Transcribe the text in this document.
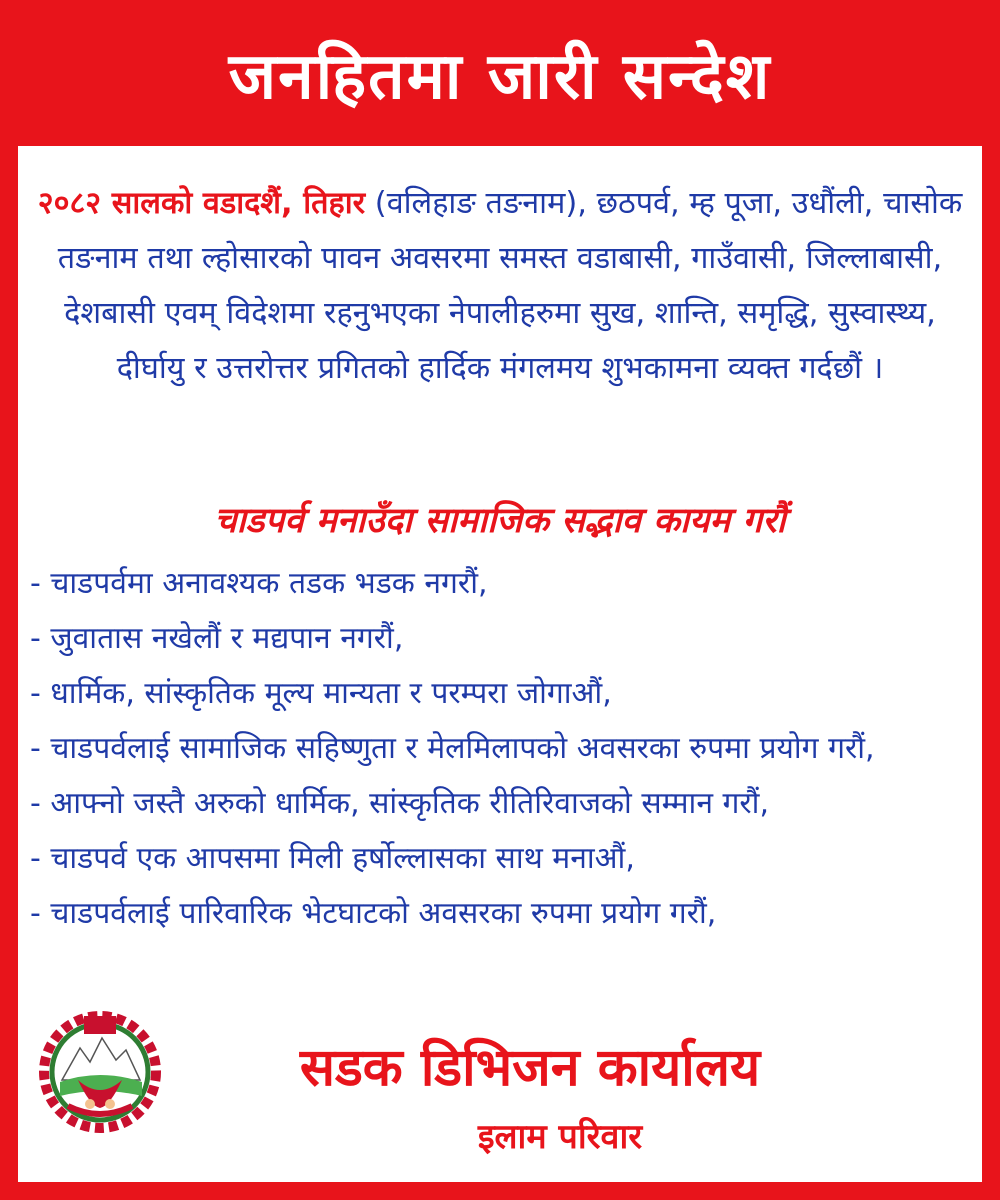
जनहितमा जारी सन्देश
२०८२ सालको वडादशैं, तिहार (वलिहाङ तङनाम), छठपर्व, म्ह पूजा, उधौंली, चासोक तङनाम तथा ल्होसारको पावन अवसरमा समस्त वडाबासी, गाउँवासी, जिल्लाबासी, देशबासी एवम् विदेशमा रहनुभएका नेपालीहरुमा सुख, शान्ति, समृद्धि, सुस्वास्थ्य, दीर्घायु र उत्तरोत्तर प्रगितको हार्दिक मंगलमय शुभकामना व्यक्त गर्दछौं ।
चाडपर्व मनाउँदा सामाजिक सद्भाव कायम गरौं
- चाडपर्वमा अनावश्यक तडक भडक नगरौं,
- जुवातास नखेलौं र मद्यपान नगरौं,
- धार्मिक, सांस्कृतिक मूल्य मान्यता र परम्परा जोगाऔं,
- चाडपर्वलाई सामाजिक सहिष्णुता र मेलमिलापको अवसरका रुपमा प्रयोग गरौं,
- आफ्नो जस्तै अरुको धार्मिक, सांस्कृतिक रीतिरिवाजको सम्मान गरौं,
- चाडपर्व एक आपसमा मिली हर्षोल्लासका साथ मनाऔं,
- चाडपर्वलाई पारिवारिक भेटघाटको अवसरका रुपमा प्रयोग गरौं,
सडक डिभिजन कार्यालय
इलाम परिवार
